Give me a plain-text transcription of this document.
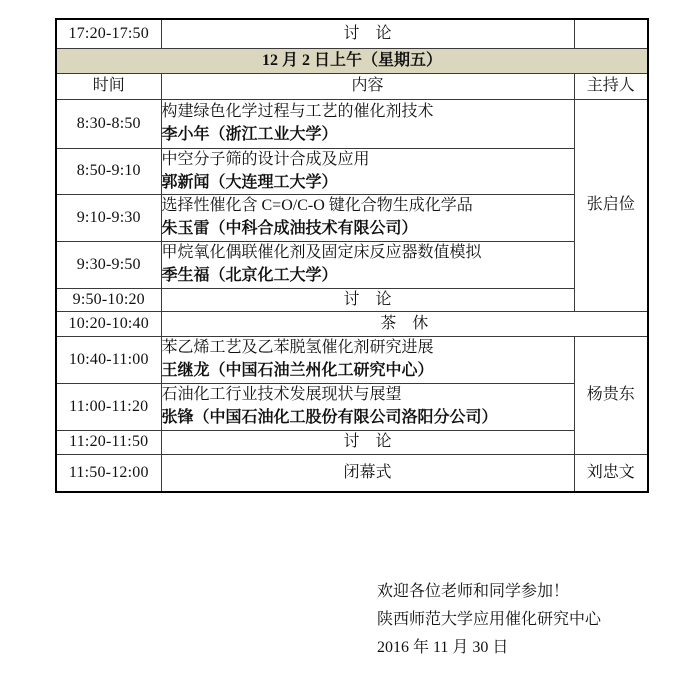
17:20-17:50	讨　论	
12 月 2 日上午（星期五）		
时间	内容	主持人
8:30-8:50	构建绿色化学过程与工艺的催化剂技术
李小年（浙江工业大学）	张启俭
8:50-9:10	中空分子筛的设计合成及应用
郭新闻（大连理工大学）	

9:10-9:30	选择性催化含 C=O/C-O 键化合物生成化学品
朱玉雷（中科合成油技术有限公司）	

9:30-9:50	甲烷氧化偶联催化剂及固定床反应器数值模拟
季生福（北京化工大学）	

9:50-10:20	讨　论	
10:20-10:40	茶　休	
10:40-11:00	苯乙烯工艺及乙苯脱氢催化剂研究进展
王继龙（中国石油兰州化工研究中心）	杨贵东
11:00-11:20	石油化工行业技术发展现状与展望
张锋（中国石油化工股份有限公司洛阳分公司）	

11:20-11:50	讨　论	
11:50-12:00	闭幕式	刘忠文
欢迎各位老师和同学参加！
陕西师范大学应用催化研究中心
2016 年 11 月 30 日
